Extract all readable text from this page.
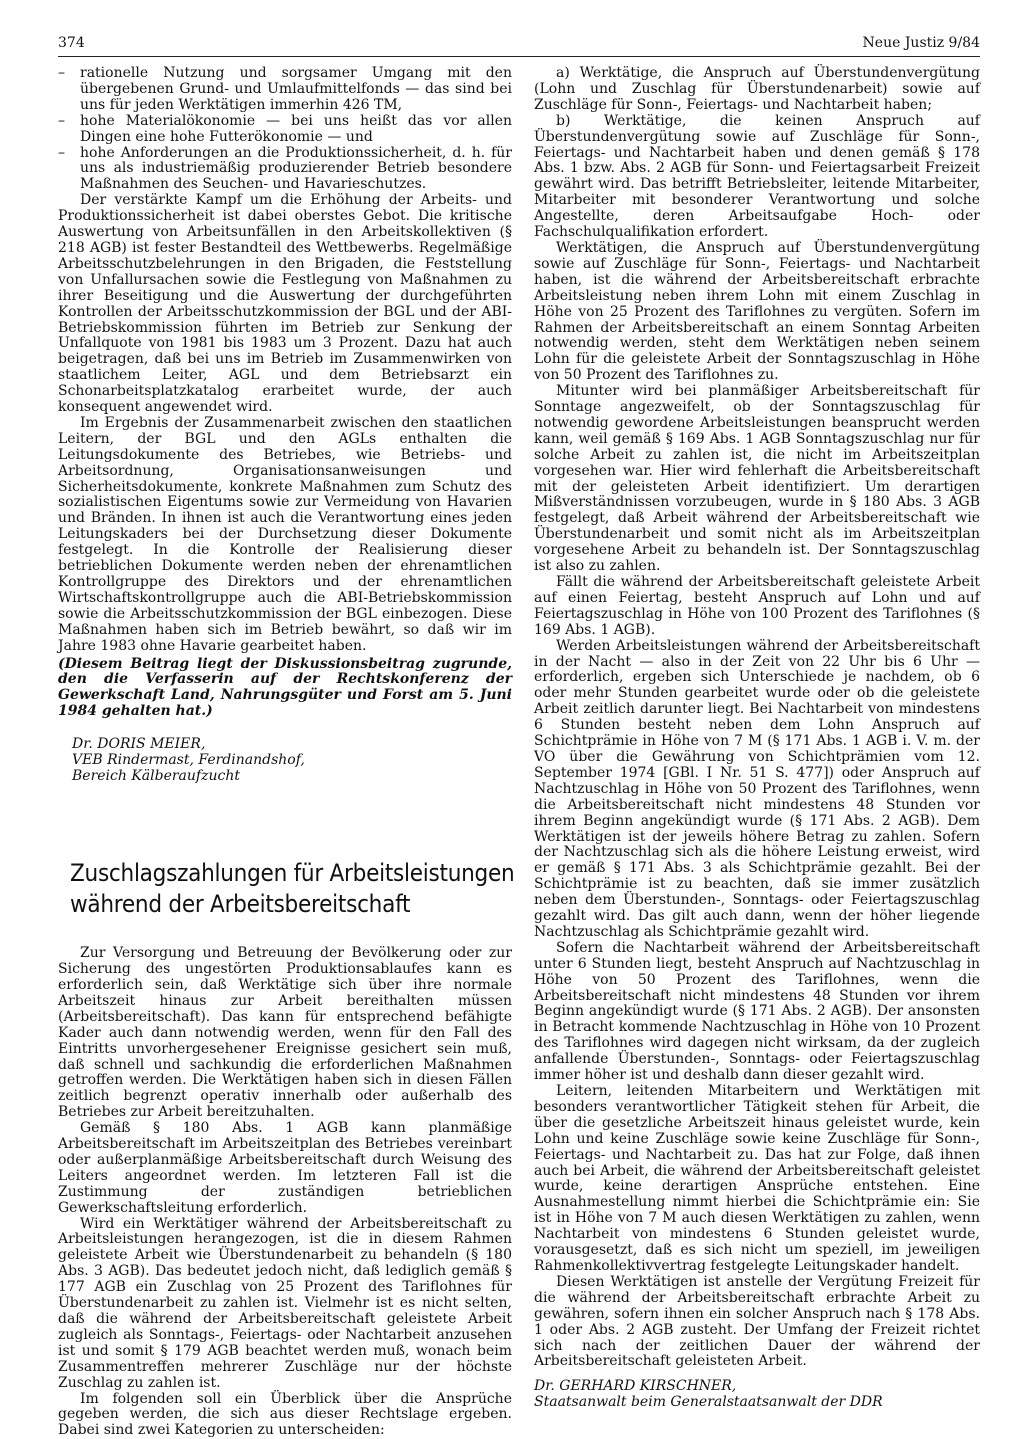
374	Neue Justiz 9/84
– rationelle Nutzung und sorgsamer Umgang mit den übergebenen Grund- und Umlaufmittelfonds — das sind bei uns für jeden Werktätigen immerhin 426 TM,
– hohe Materialökonomie — bei uns heißt das vor allen Dingen eine hohe Futterökonomie — und
– hohe Anforderungen an die Produktionssicherheit, d. h. für uns als industriemäßig produzierender Betrieb besondere Maßnahmen des Seuchen- und Havarieschutzes.

Der verstärkte Kampf um die Erhöhung der Arbeits- und Produktionssicherheit ist dabei oberstes Gebot. Die kritische Auswertung von Arbeitsunfällen in den Arbeitskollektiven (§ 218 AGB) ist fester Bestandteil des Wettbewerbs. Regelmäßige Arbeitsschutzbelehrungen in den Brigaden, die Feststellung von Unfallursachen sowie die Festlegung von Maßnahmen zu ihrer Beseitigung und die Auswertung der durchgeführten Kontrollen der Arbeitsschutzkommission der BGL und der ABI-Betriebskommission führten im Betrieb zur Senkung der Unfallquote von 1981 bis 1983 um 3 Prozent. Dazu hat auch beigetragen, daß bei uns im Betrieb im Zusammenwirken von staatlichem Leiter, AGL und dem Betriebsarzt ein Schonarbeitsplatzkatalog erarbeitet wurde, der auch konsequent angewendet wird.

Im Ergebnis der Zusammenarbeit zwischen den staatlichen Leitern, der BGL und den AGLs enthalten die Leitungsdokumente des Betriebes, wie Betriebs- und Arbeitsordnung, Organisationsanweisungen und Sicherheitsdokumente, konkrete Maßnahmen zum Schutz des sozialistischen Eigentums sowie zur Vermeidung von Havarien und Bränden. In ihnen ist auch die Verantwortung eines jeden Leitungskaders bei der Durchsetzung dieser Dokumente festgelegt. In die Kontrolle der Realisierung dieser betrieblichen Dokumente werden neben der ehrenamtlichen Kontrollgruppe des Direktors und der ehrenamtlichen Wirtschaftskontrollgruppe auch die ABI-Betriebskommission sowie die Arbeitsschutzkommission der BGL einbezogen. Diese Maßnahmen haben sich im Betrieb bewährt, so daß wir im Jahre 1983 ohne Havarie gearbeitet haben.

(Diesem Beitrag liegt der Diskussionsbeitrag zugrunde, den die Verfasserin auf der Rechtskonferenz der Gewerkschaft Land, Nahrungsgüter und Forst am 5. Juni 1984 gehalten hat.)

Dr. DORIS MEIER,
VEB Rindermast, Ferdinandshof,
Bereich Kälberaufzucht
Zuschlagszahlungen für Arbeitsleistungen
während der Arbeitsbereitschaft

Zur Versorgung und Betreuung der Bevölkerung oder zur Sicherung des ungestörten Produktionsablaufes kann es erforderlich sein, daß Werktätige sich über ihre normale Arbeitszeit hinaus zur Arbeit bereithalten müssen (Arbeitsbereitschaft). Das kann für entsprechend befähigte Kader auch dann notwendig werden, wenn für den Fall des Eintritts unvorhergesehener Ereignisse gesichert sein muß, daß schnell und sachkundig die erforderlichen Maßnahmen getroffen werden. Die Werktätigen haben sich in diesen Fällen zeitlich begrenzt operativ innerhalb oder außerhalb des Betriebes zur Arbeit bereitzuhalten.

Gemäß § 180 Abs. 1 AGB kann planmäßige Arbeitsbereitschaft im Arbeitszeitplan des Betriebes vereinbart oder außerplanmäßige Arbeitsbereitschaft durch Weisung des Leiters angeordnet werden. Im letzteren Fall ist die Zustimmung der zuständigen betrieblichen Gewerkschaftsleitung erforderlich.

Wird ein Werktätiger während der Arbeitsbereitschaft zu Arbeitsleistungen herangezogen, ist die in diesem Rahmen geleistete Arbeit wie Überstundenarbeit zu behandeln (§ 180 Abs. 3 AGB). Das bedeutet jedoch nicht, daß lediglich gemäß § 177 AGB ein Zuschlag von 25 Prozent des Tariflohnes für Überstundenarbeit zu zahlen ist. Vielmehr ist es nicht selten, daß die während der Arbeitsbereitschaft geleistete Arbeit zugleich als Sonntags-, Feiertags- oder Nachtarbeit anzusehen ist und somit § 179 AGB beachtet werden muß, wonach beim Zusammentreffen mehrerer Zuschläge nur der höchste Zuschlag zu zahlen ist.

Im folgenden soll ein Überblick über die Ansprüche gegeben werden, die sich aus dieser Rechtslage ergeben. Dabei sind zwei Kategorien zu unterscheiden:

a) Werktätige, die Anspruch auf Überstundenvergütung (Lohn und Zuschlag für Überstundenarbeit) sowie auf Zuschläge für Sonn-, Feiertags- und Nachtarbeit haben;

b) Werktätige, die keinen Anspruch auf Überstundenvergütung sowie auf Zuschläge für Sonn-, Feiertags- und Nachtarbeit haben und denen gemäß § 178 Abs. 1 bzw. Abs. 2 AGB für Sonn- und Feiertagsarbeit Freizeit gewährt wird. Das betrifft Betriebsleiter, leitende Mitarbeiter, Mitarbeiter mit besonderer Verantwortung und solche Angestellte, deren Arbeitsaufgabe Hoch- oder Fachschulqualifikation erfordert.

Werktätigen, die Anspruch auf Überstundenvergütung sowie auf Zuschläge für Sonn-, Feiertags- und Nachtarbeit haben, ist die während der Arbeitsbereitschaft erbrachte Arbeitsleistung neben ihrem Lohn mit einem Zuschlag in Höhe von 25 Prozent des Tariflohnes zu vergüten. Sofern im Rahmen der Arbeitsbereitschaft an einem Sonntag Arbeiten notwendig werden, steht dem Werktätigen neben seinem Lohn für die geleistete Arbeit der Sonntagszuschlag in Höhe von 50 Prozent des Tariflohnes zu.

Mitunter wird bei planmäßiger Arbeitsbereitschaft für Sonntage angezweifelt, ob der Sonntagszuschlag für notwendig gewordene Arbeitsleistungen beansprucht werden kann, weil gemäß § 169 Abs. 1 AGB Sonntagszuschlag nur für solche Arbeit zu zahlen ist, die nicht im Arbeitszeitplan vorgesehen war. Hier wird fehlerhaft die Arbeitsbereitschaft mit der geleisteten Arbeit identifiziert. Um derartigen Mißverständnissen vorzubeugen, wurde in § 180 Abs. 3 AGB festgelegt, daß Arbeit während der Arbeitsbereitschaft wie Überstundenarbeit und somit nicht als im Arbeitszeitplan vorgesehene Arbeit zu behandeln ist. Der Sonntagszuschlag ist also zu zahlen.

Fällt die während der Arbeitsbereitschaft geleistete Arbeit auf einen Feiertag, besteht Anspruch auf Lohn und auf Feiertagszuschlag in Höhe von 100 Prozent des Tariflohnes (§ 169 Abs. 1 AGB).

Werden Arbeitsleistungen während der Arbeitsbereitschaft in der Nacht — also in der Zeit von 22 Uhr bis 6 Uhr — erforderlich, ergeben sich Unterschiede je nachdem, ob 6 oder mehr Stunden gearbeitet wurde oder ob die geleistete Arbeit zeitlich darunter liegt. Bei Nachtarbeit von mindestens 6 Stunden besteht neben dem Lohn Anspruch auf Schichtprämie in Höhe von 7 M (§ 171 Abs. 1 AGB i. V. m. der VO über die Gewährung von Schichtprämien vom 12. September 1974 [GBl. I Nr. 51 S. 477]) oder Anspruch auf Nachtzuschlag in Höhe von 50 Prozent des Tariflohnes, wenn die Arbeitsbereitschaft nicht mindestens 48 Stunden vor ihrem Beginn angekündigt wurde (§ 171 Abs. 2 AGB). Dem Werktätigen ist der jeweils höhere Betrag zu zahlen. Sofern der Nachtzuschlag sich als die höhere Leistung erweist, wird er gemäß § 171 Abs. 3 als Schichtprämie gezahlt. Bei der Schichtprämie ist zu beachten, daß sie immer zusätzlich neben dem Überstunden-, Sonntags- oder Feiertagszuschlag gezahlt wird. Das gilt auch dann, wenn der höher liegende Nachtzuschlag als Schichtprämie gezahlt wird.

Sofern die Nachtarbeit während der Arbeitsbereitschaft unter 6 Stunden liegt, besteht Anspruch auf Nachtzuschlag in Höhe von 50 Prozent des Tariflohnes, wenn die Arbeitsbereitschaft nicht mindestens 48 Stunden vor ihrem Beginn angekündigt wurde (§ 171 Abs. 2 AGB). Der ansonsten in Betracht kommende Nachtzuschlag in Höhe von 10 Prozent des Tariflohnes wird dagegen nicht wirksam, da der zugleich anfallende Überstunden-, Sonntags- oder Feiertagszuschlag immer höher ist und deshalb dann dieser gezahlt wird.

Leitern, leitenden Mitarbeitern und Werktätigen mit besonders verantwortlicher Tätigkeit stehen für Arbeit, die über die gesetzliche Arbeitszeit hinaus geleistet wurde, kein Lohn und keine Zuschläge sowie keine Zuschläge für Sonn-, Feiertags- und Nachtarbeit zu. Das hat zur Folge, daß ihnen auch bei Arbeit, die während der Arbeitsbereitschaft geleistet wurde, keine derartigen Ansprüche entstehen. Eine Ausnahmestellung nimmt hierbei die Schichtprämie ein: Sie ist in Höhe von 7 M auch diesen Werktätigen zu zahlen, wenn Nachtarbeit von mindestens 6 Stunden geleistet wurde, vorausgesetzt, daß es sich nicht um speziell, im jeweiligen Rahmenkollektivvertrag festgelegte Leitungskader handelt.

Diesen Werktätigen ist anstelle der Vergütung Freizeit für die während der Arbeitsbereitschaft erbrachte Arbeit zu gewähren, sofern ihnen ein solcher Anspruch nach § 178 Abs. 1 oder Abs. 2 AGB zusteht. Der Umfang der Freizeit richtet sich nach der zeitlichen Dauer der während der Arbeitsbereitschaft geleisteten Arbeit.

Dr. GERHARD KIRSCHNER,
Staatsanwalt beim Generalstaatsanwalt der DDR
